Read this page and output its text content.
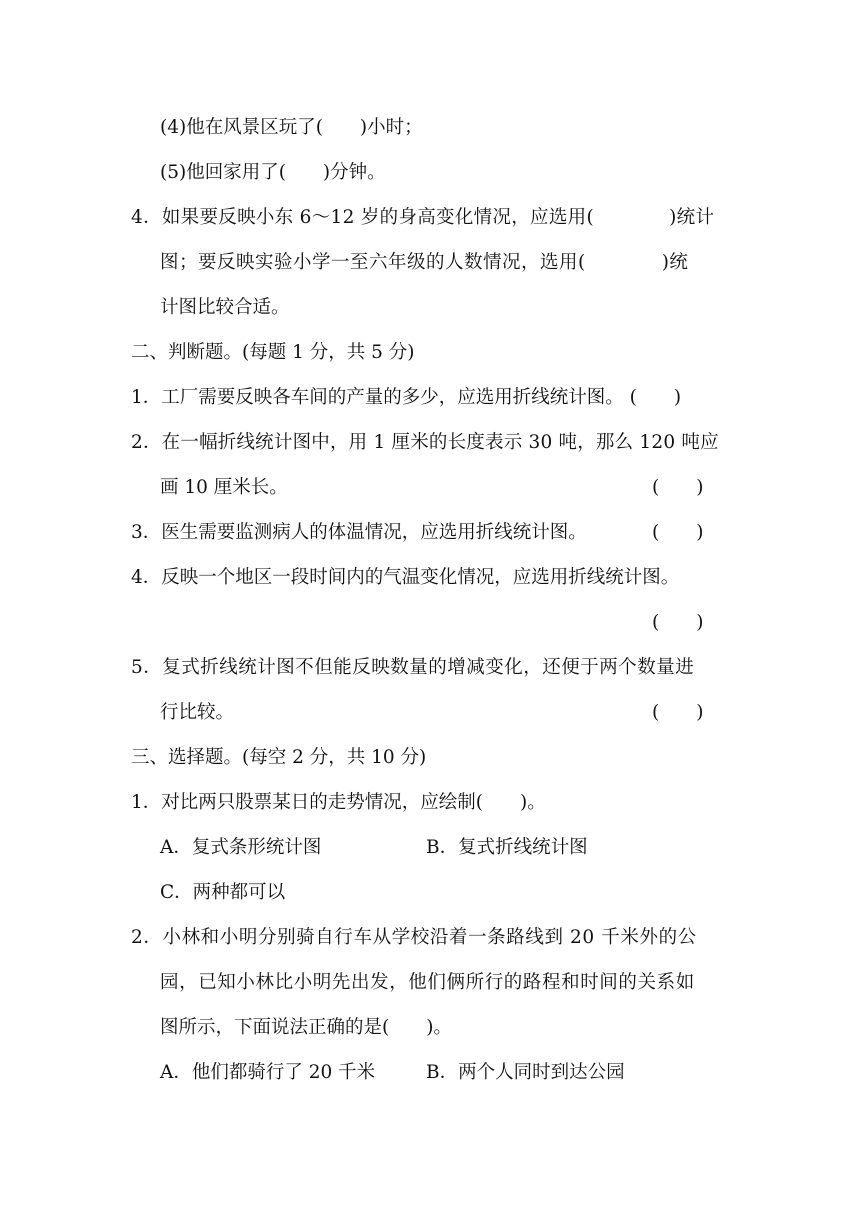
(4)他在风景区玩了(　　)小时；
(5)他回家用了(　　)分钟。
4．如果要反映小东 6～12 岁的身高变化情况，应选用(　　　　)统计
图；要反映实验小学一至六年级的人数情况，选用(　　　　)统
计图比较合适。
二、判断题。(每题 1 分，共 5 分)
1．工厂需要反映各车间的产量的多少，应选用折线统计图。 (　　)
2．在一幅折线统计图中，用 1 厘米的长度表示 30 吨，那么 120 吨应
画 10 厘米长。	(　　)
3．医生需要监测病人的体温情况，应选用折线统计图。	(　　)
4．反映一个地区一段时间内的气温变化情况，应选用折线统计图。
(　　)
5．复式折线统计图不但能反映数量的增减变化，还便于两个数量进
行比较。	(　　)
三、选择题。(每空 2 分，共 10 分)
1．对比两只股票某日的走势情况，应绘制(　　)。
A．复式条形统计图	B．复式折线统计图
C．两种都可以
2．小林和小明分别骑自行车从学校沿着一条路线到 20 千米外的公
园，已知小林比小明先出发，他们俩所行的路程和时间的关系如
图所示，下面说法正确的是(　　)。
A．他们都骑行了 20 千米	B．两个人同时到达公园
